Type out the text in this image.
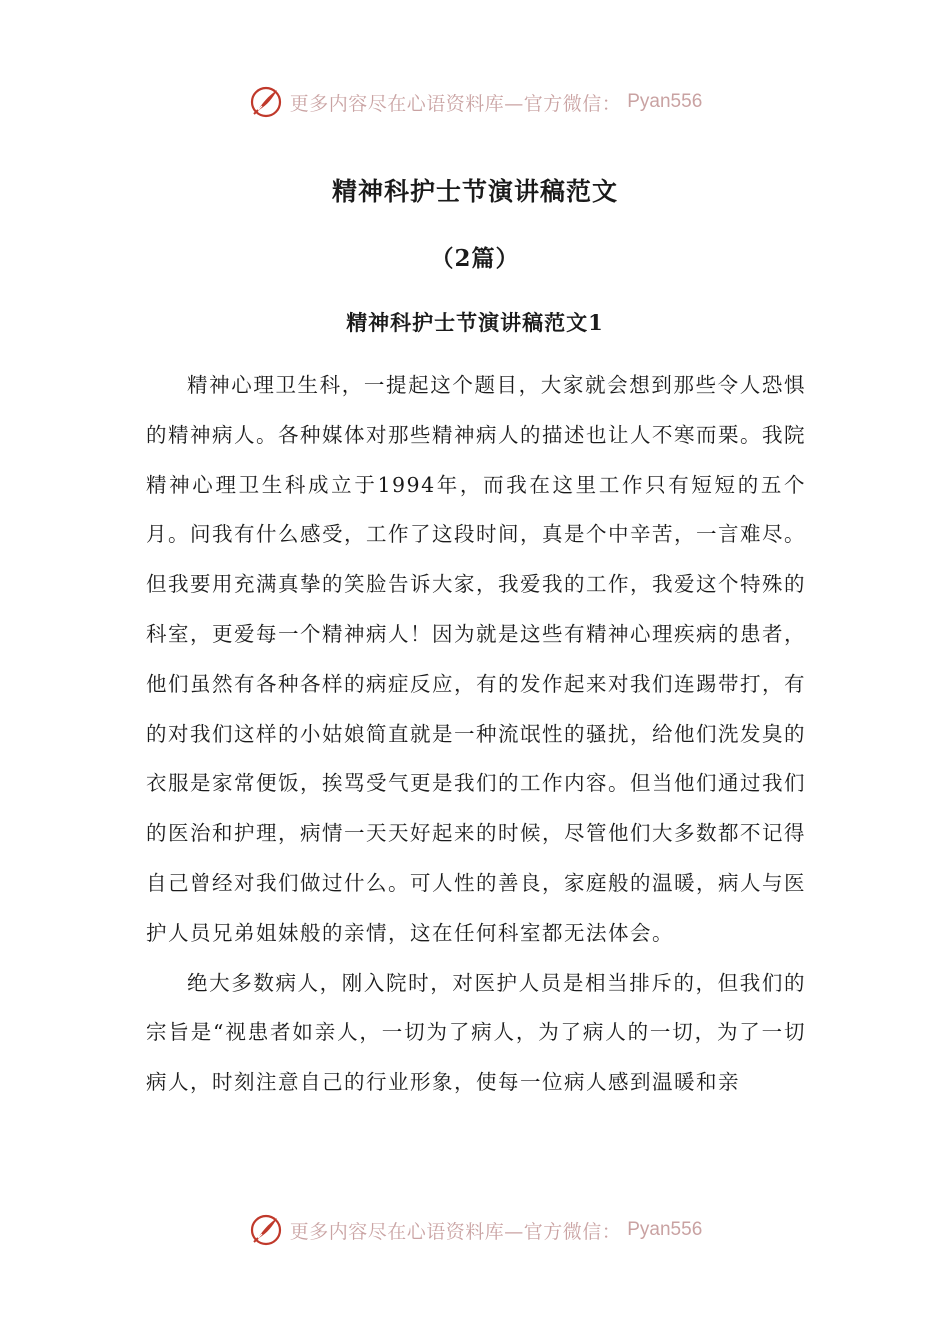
更多内容尽在心语资料库—官方微信： Pyan556
精神科护士节演讲稿范文
（2篇）
精神科护士节演讲稿范文1

精神心理卫生科，一提起这个题目，大家就会想到那些令人恐惧的精神病人。各种媒体对那些精神病人的描述也让人不寒而栗。我院精神心理卫生科成立于1994年，而我在这里工作只有短短的五个月。问我有什么感受，工作了这段时间，真是个中辛苦，一言难尽。但我要用充满真挚的笑脸告诉大家，我爱我的工作，我爱这个特殊的科室，更爱每一个精神病人！因为就是这些有精神心理疾病的患者，他们虽然有各种各样的病症反应，有的发作起来对我们连踢带打，有的对我们这样的小姑娘简直就是一种流氓性的骚扰，给他们洗发臭的衣服是家常便饭，挨骂受气更是我们的工作内容。但当他们通过我们的医治和护理，病情一天天好起来的时候，尽管他们大多数都不记得自己曾经对我们做过什么。可人性的善良，家庭般的温暖，病人与医护人员兄弟姐妹般的亲情，这在任何科室都无法体会。

绝大多数病人，刚入院时，对医护人员是相当排斥的，但我们的宗旨是“视患者如亲人，一切为了病人，为了病人的一切，为了一切病人，时刻注意自己的行业形象，使每一位病人感到温暖和亲

更多内容尽在心语资料库—官方微信： Pyan556
